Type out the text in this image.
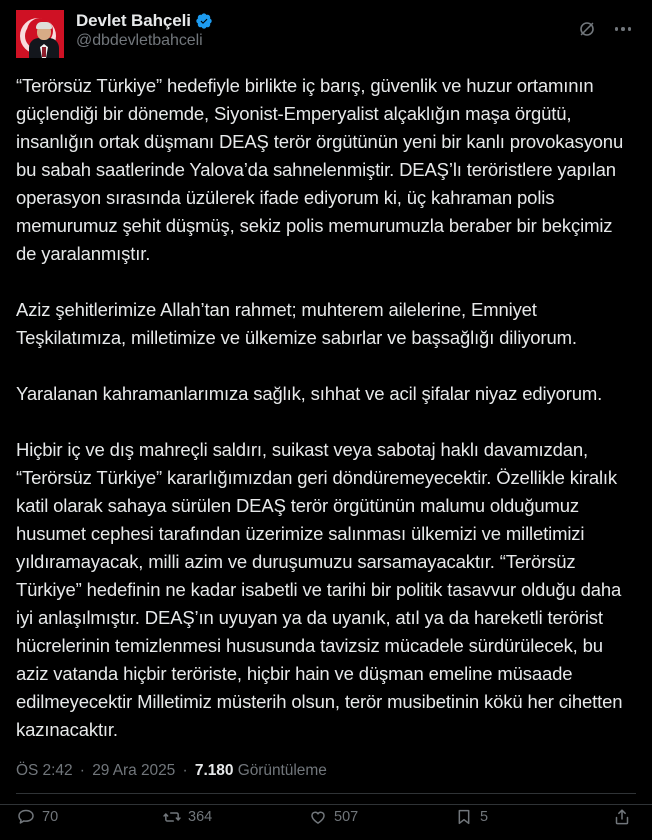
Devlet Bahçeli
@dbdevletbahceli

“Terörsüz Türkiye” hedefiyle birlikte iç barış, güvenlik ve huzur ortamının güçlendiği bir dönemde, Siyonist-Emperyalist alçaklığın maşa örgütü, insanlığın ortak düşmanı DEAŞ terör örgütünün yeni bir kanlı provokasyonu bu sabah saatlerinde Yalova’da sahnelenmiştir. DEAŞ’lı teröristlere yapılan operasyon sırasında üzülerek ifade ediyorum ki, üç kahraman polis memurumuz şehit düşmüş, sekiz polis memurumuzla beraber bir bekçimiz de yaralanmıştır.

Aziz şehitlerimize Allah’tan rahmet; muhterem ailelerine, Emniyet Teşkilatımıza, milletimize ve ülkemize sabırlar ve başsağlığı diliyorum.

Yaralanan kahramanlarımıza sağlık, sıhhat ve acil şifalar niyaz ediyorum.

Hiçbir iç ve dış mahreçli saldırı, suikast veya sabotaj haklı davamızdan, “Terörsüz Türkiye” kararlığımızdan geri döndüremeyecektir. Özellikle kiralık katil olarak sahaya sürülen DEAŞ terör örgütünün malumu olduğumuz husumet cephesi tarafından üzerimize salınması ülkemizi ve milletimizi yıldıramayacak, milli azim ve duruşumuzu sarsamayacaktır. “Terörsüz Türkiye” hedefinin ne kadar isabetli ve tarihi bir politik tasavvur olduğu daha iyi anlaşılmıştır. DEAŞ’ın uyuyan ya da uyanık, atıl ya da hareketli terörist hücrelerinin temizlenmesi hususunda tavizsiz mücadele sürdürülecek, bu aziz vatanda hiçbir teröriste, hiçbir hain ve düşman emeline müsaade edilmeyecektir Milletimiz müsterih olsun, terör musibetinin kökü her cihetten kazınacaktır.

ÖS 2:42 · 29 Ara 2025 · 7.180 Görüntüleme
70	364	507	5
